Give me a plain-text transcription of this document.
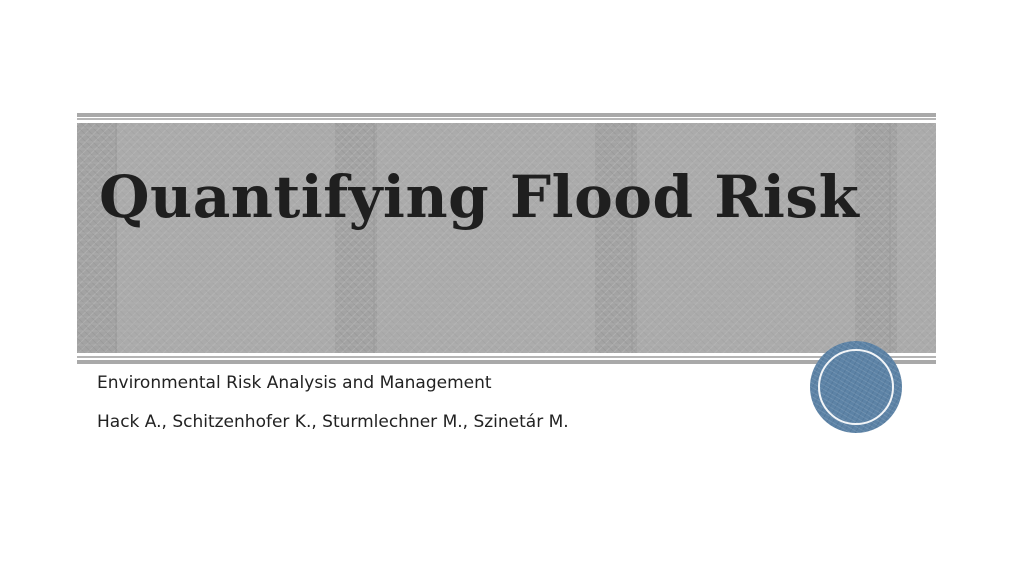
Quantifying Flood Risk

Environmental Risk Analysis and Management

Hack A., Schitzenhofer K., Sturmlechner M., Szinetár M.
